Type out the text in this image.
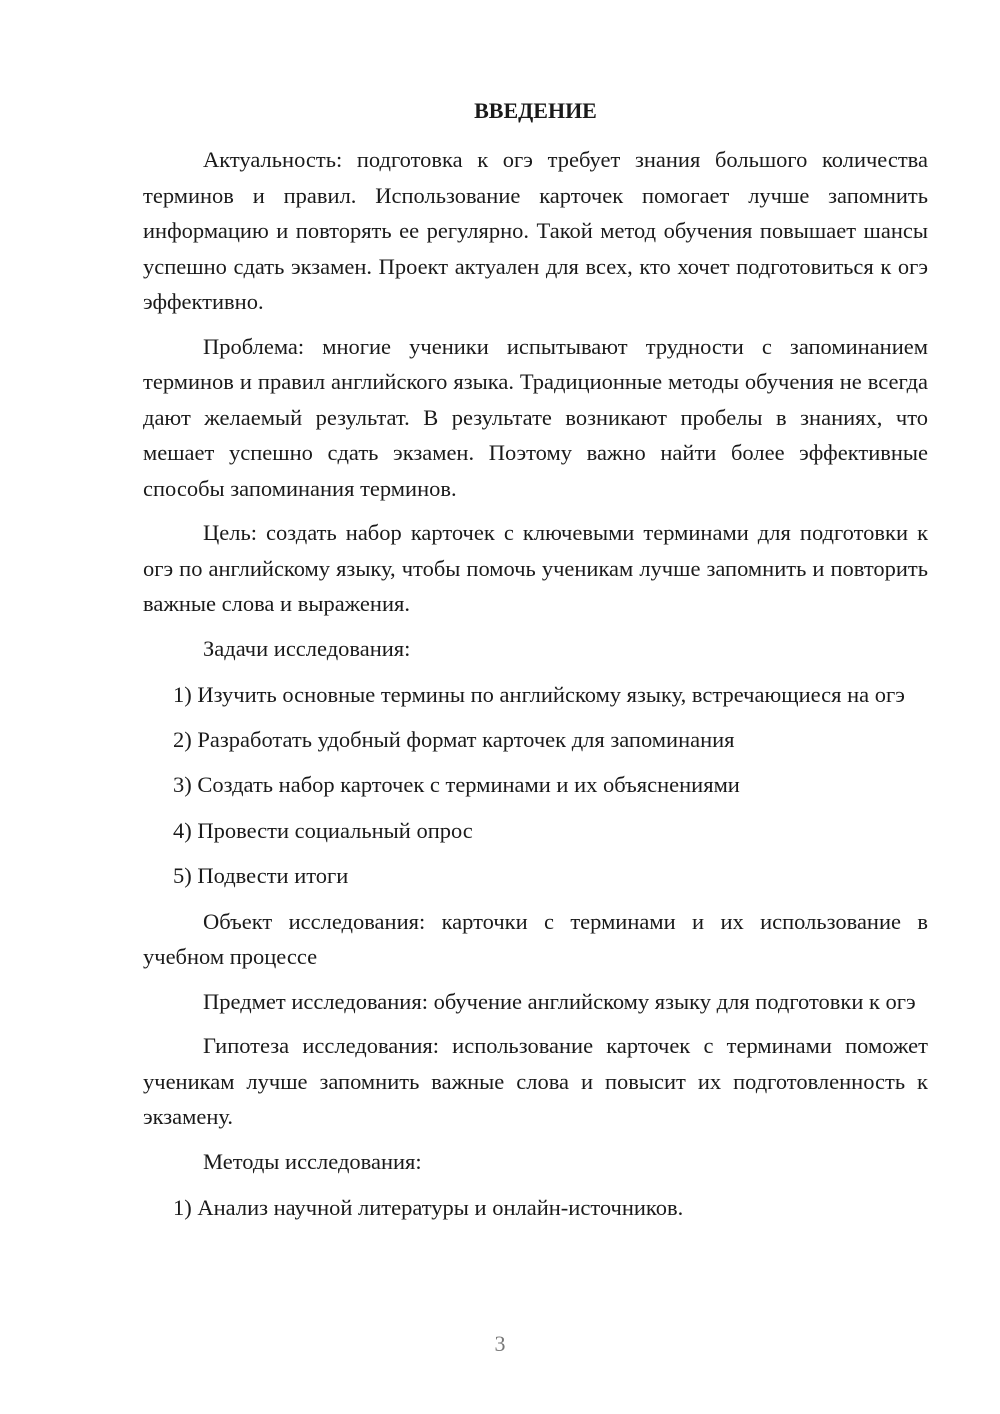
ВВЕДЕНИЕ

Актуальность: подготовка к огэ требует знания большого количества терминов и правил. Использование карточек помогает лучше запомнить информацию и повторять ее регулярно. Такой метод обучения повышает шансы успешно сдать экзамен. Проект актуален для всех, кто хочет подготовиться к огэ эффективно.

Проблема: многие ученики испытывают трудности с запоминанием терминов и правил английского языка. Традиционные методы обучения не всегда дают желаемый результат. В результате возникают пробелы в знаниях, что мешает успешно сдать экзамен. Поэтому важно найти более эффективные способы запоминания терминов.

Цель: создать набор карточек с ключевыми терминами для подготовки к огэ по английскому языку, чтобы помочь ученикам лучше запомнить и повторить важные слова и выражения.

Задачи исследования:

1) Изучить основные термины по английскому языку, встречающиеся на огэ

2) Разработать удобный формат карточек для запоминания

3) Создать набор карточек с терминами и их объяснениями

4) Провести социальный опрос

5) Подвести итоги

Объект исследования: карточки с терминами и их использование в учебном процессе

Предмет исследования: обучение английскому языку для подготовки к огэ

Гипотеза исследования: использование карточек с терминами поможет ученикам лучше запомнить важные слова и повысит их подготовленность к экзамену.

Методы исследования:

1) Анализ научной литературы и онлайн-источников.

3
